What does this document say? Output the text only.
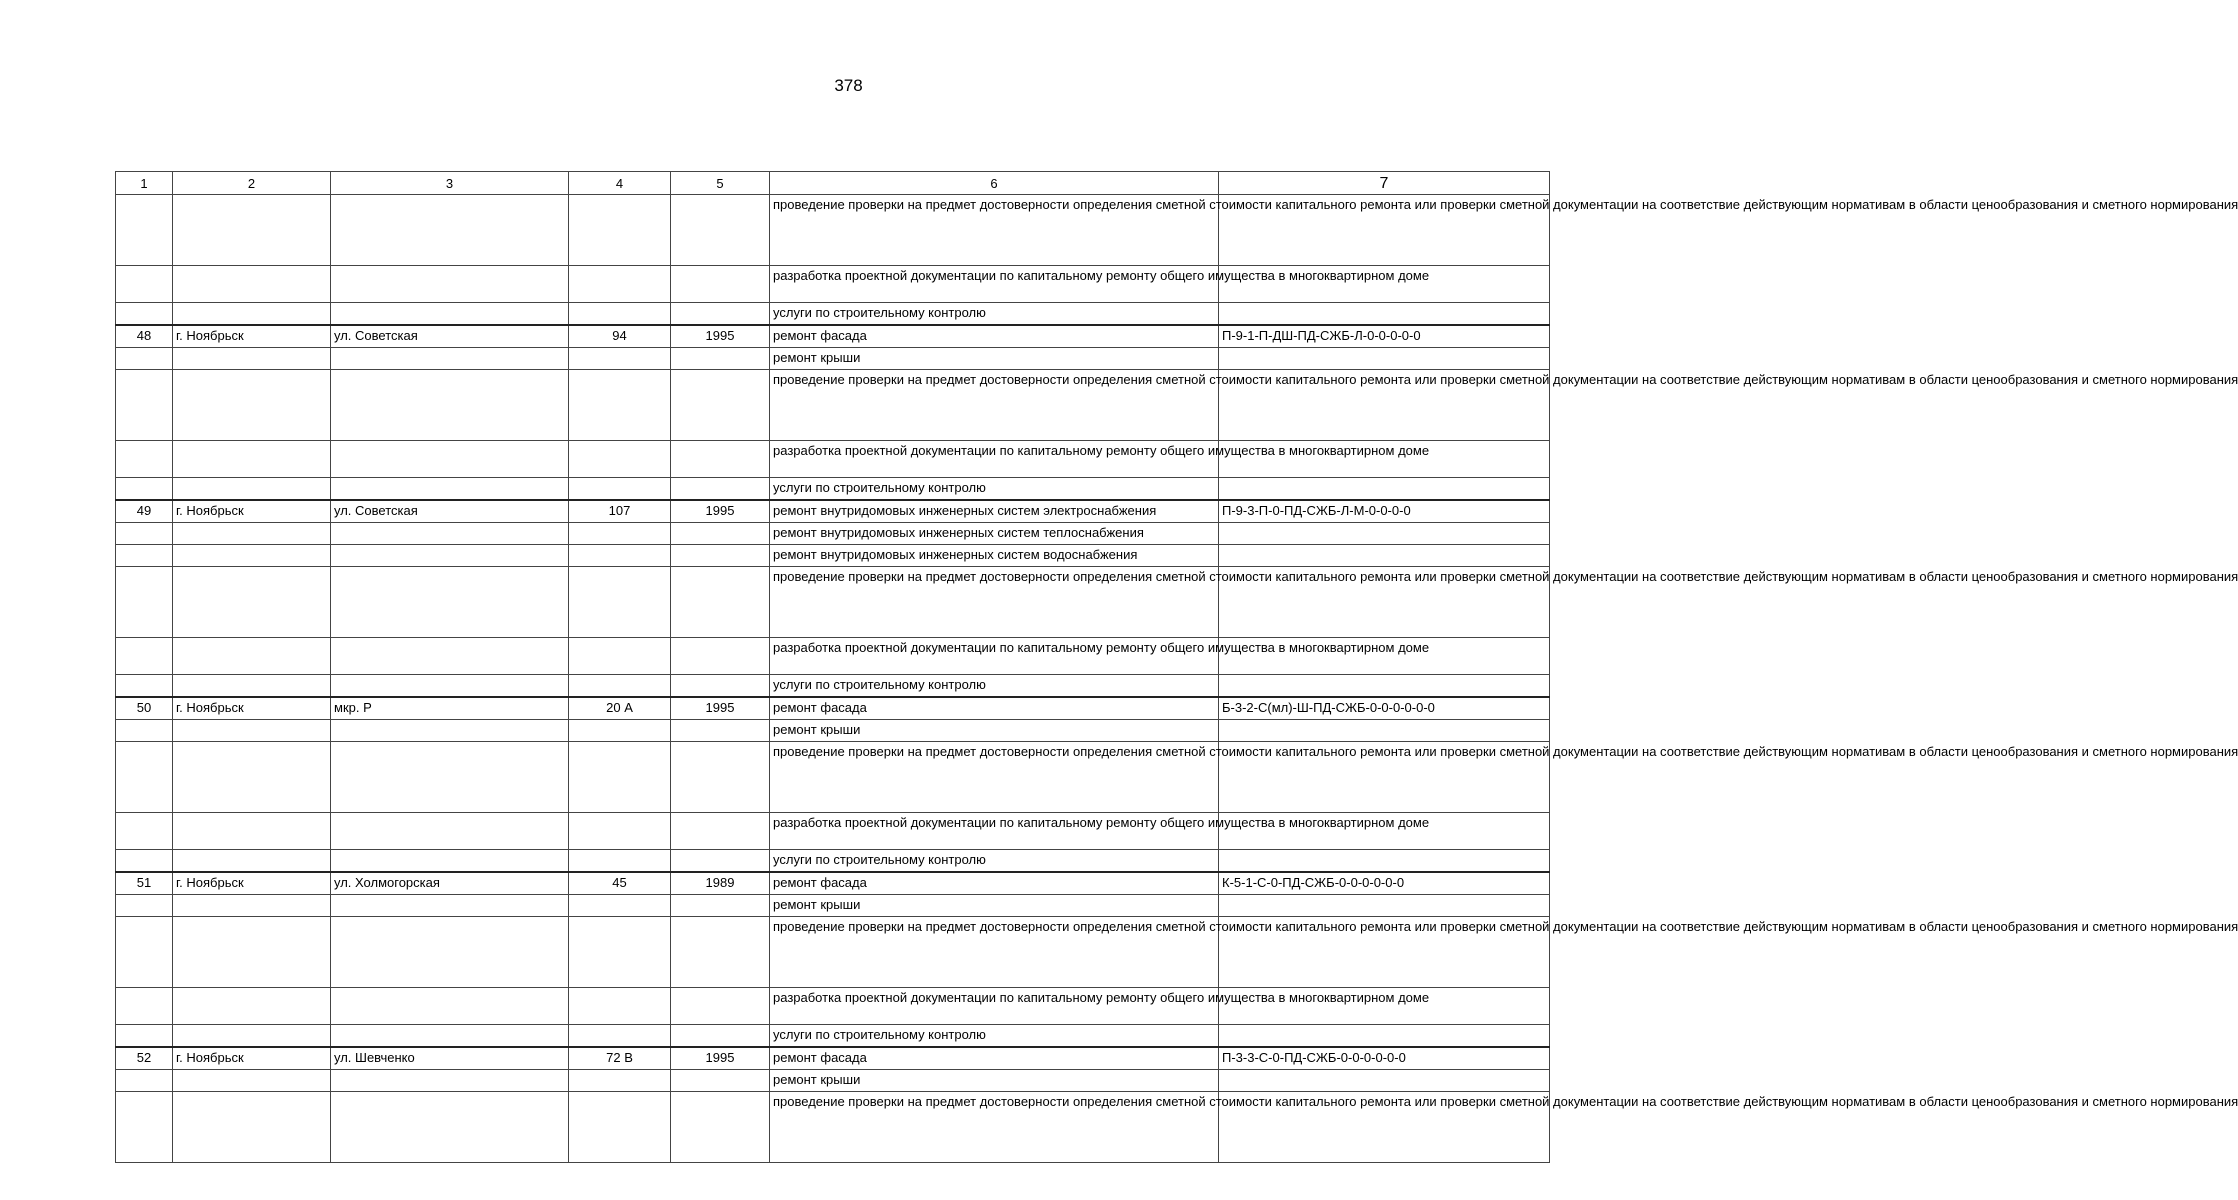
378
1	2	3	4	5	6	7
					проведение проверки на предмет достоверности определения сметной стоимости капитального ремонта или проверки сметной документации на соответствие действующим нормативам в области ценообразования и сметного нормирования	
					разработка проектной документации по капитальному ремонту общего имущества в многоквартирном доме	
					услуги по строительному контролю	
48	г. Ноябрьск	ул. Советская	94	1995	ремонт фасада	П-9-1-П-ДШ-ПД-СЖБ-Л-0-0-0-0-0
					ремонт крыши	
					проведение проверки на предмет достоверности определения сметной стоимости капитального ремонта или проверки сметной документации на соответствие действующим нормативам в области ценообразования и сметного нормирования	
					разработка проектной документации по капитальному ремонту общего имущества в многоквартирном доме	
					услуги по строительному контролю	
49	г. Ноябрьск	ул. Советская	107	1995	ремонт внутридомовых инженерных систем электроснабжения	П-9-3-П-0-ПД-СЖБ-Л-М-0-0-0-0
					ремонт внутридомовых инженерных систем теплоснабжения	
					ремонт внутридомовых инженерных систем водоснабжения	
					проведение проверки на предмет достоверности определения сметной стоимости капитального ремонта или проверки сметной документации на соответствие действующим нормативам в области ценообразования и сметного нормирования	
					разработка проектной документации по капитальному ремонту общего имущества в многоквартирном доме	
					услуги по строительному контролю	
50	г. Ноябрьск	мкр. Р	20 А	1995	ремонт фасада	Б-3-2-С(мл)-Ш-ПД-СЖБ-0-0-0-0-0-0
					ремонт крыши	
					проведение проверки на предмет достоверности определения сметной стоимости капитального ремонта или проверки сметной документации на соответствие действующим нормативам в области ценообразования и сметного нормирования	
					разработка проектной документации по капитальному ремонту общего имущества в многоквартирном доме	
					услуги по строительному контролю	
51	г. Ноябрьск	ул. Холмогорская	45	1989	ремонт фасада	К-5-1-С-0-ПД-СЖБ-0-0-0-0-0-0
					ремонт крыши	
					проведение проверки на предмет достоверности определения сметной стоимости капитального ремонта или проверки сметной документации на соответствие действующим нормативам в области ценообразования и сметного нормирования	
					разработка проектной документации по капитальному ремонту общего имущества в многоквартирном доме	
					услуги по строительному контролю	
52	г. Ноябрьск	ул. Шевченко	72 В	1995	ремонт фасада	П-3-3-С-0-ПД-СЖБ-0-0-0-0-0-0
					ремонт крыши	
					проведение проверки на предмет достоверности определения сметной стоимости капитального ремонта или проверки сметной документации на соответствие действующим нормативам в области ценообразования и сметного нормирования	
